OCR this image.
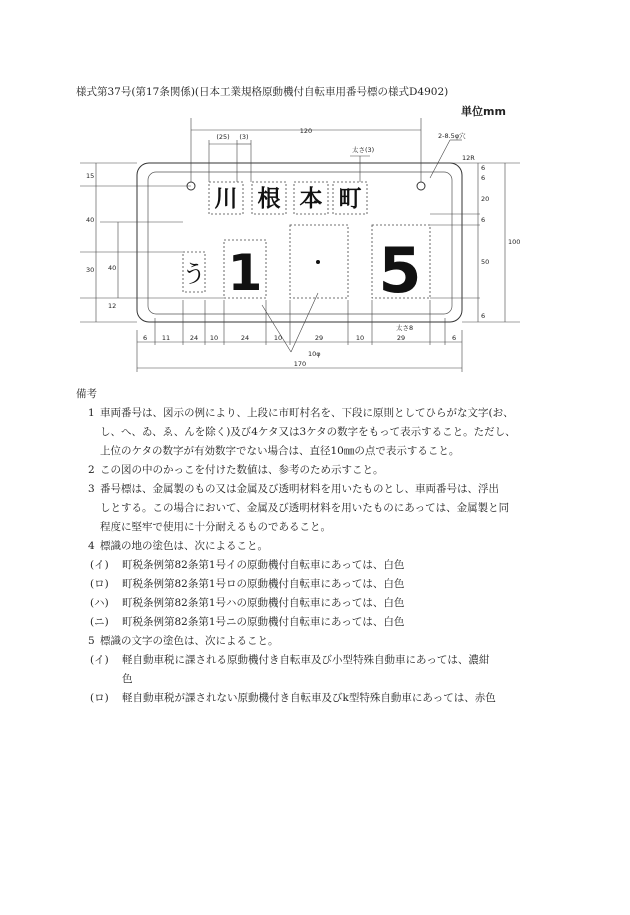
様式第37号(第17条関係)(日本工業規格原動機付自転車用番号標の様式D4902)
単位mm
川 根 本 町
う 1 5
120
(25) (3)
15
40
30 40
12
6
6
20
6
50
6
100
6 11	24 10	24	10	29	10	29	6
170
太さ(3)
太さ8
2-8.5φ穴
12R
10φ
備考
1 車両番号は、図示の例により、上段に市町村名を、下段に原則としてひらがな文字(お、
し、へ、ゐ、ゑ、んを除く)及び4ケタ又は3ケタの数字をもって表示すること。ただし、
上位のケタの数字が有効数字でない場合は、直径10㎜の点で表示すること。
2 この図の中のかっこを付けた数値は、参考のため示すこと。
3 番号標は、金属製のもの又は金属及び透明材料を用いたものとし、車両番号は、浮出
しとする。この場合において、金属及び透明材料を用いたものにあっては、金属製と同
程度に堅牢で使用に十分耐えるものであること。
4 標識の地の塗色は、次によること。
(イ) 町税条例第82条第1号イの原動機付自転車にあっては、白色
(ロ) 町税条例第82条第1号ロの原動機付自転車にあっては、白色
(ハ) 町税条例第82条第1号ハの原動機付自転車にあっては、白色
(ニ) 町税条例第82条第1号ニの原動機付自転車にあっては、白色
5 標識の文字の塗色は、次によること。
(イ) 軽自動車税に課される原動機付き自転車及び小型特殊自動車にあっては、濃紺
色
(ロ) 軽自動車税が課されない原動機付き自転車及びk型特殊自動車にあっては、赤色
